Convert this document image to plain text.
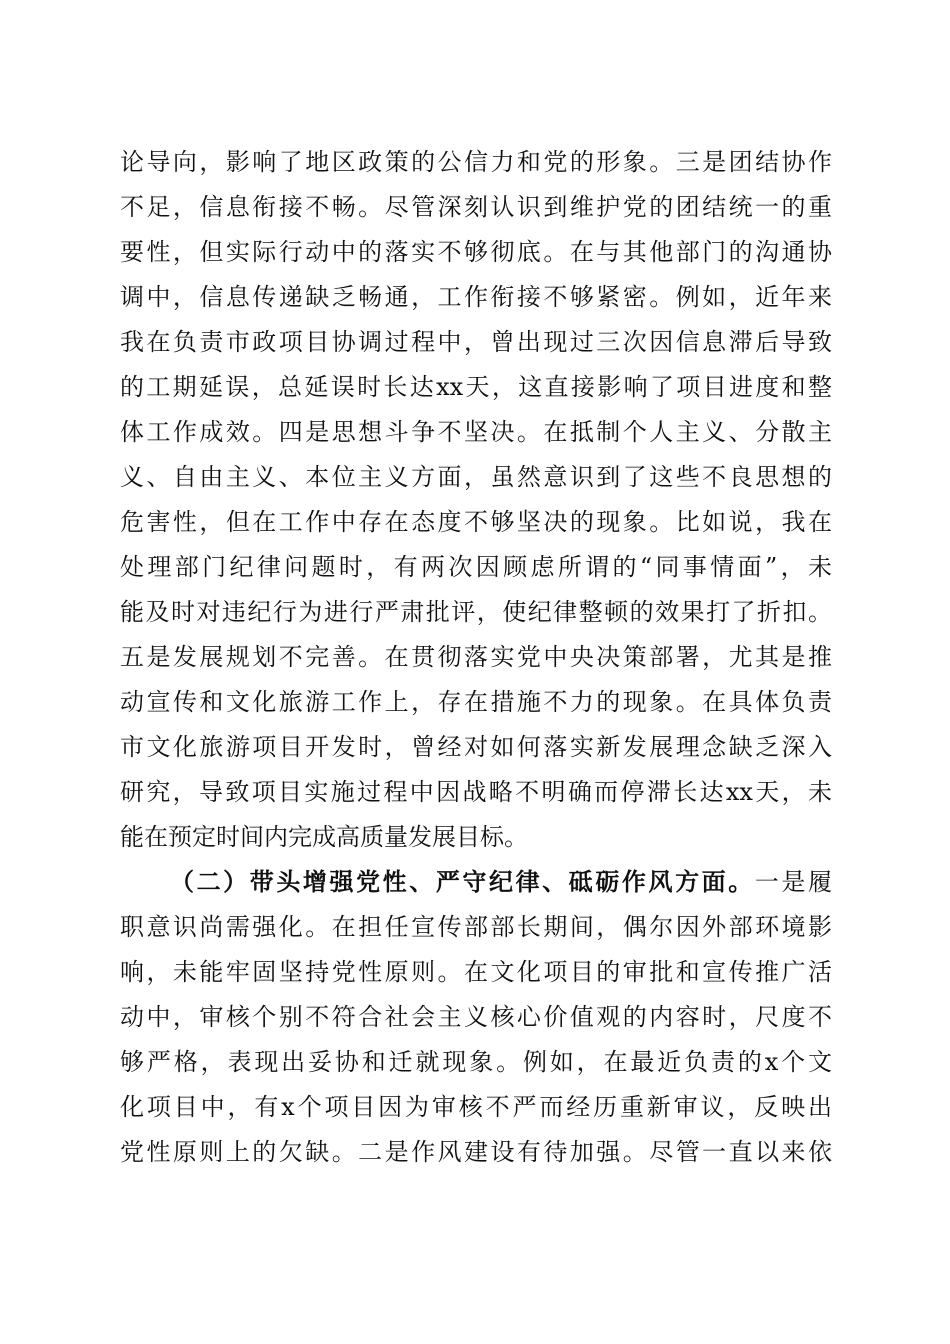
论导向，影响了地区政策的公信力和党的形象。三是团结协作
不足，信息衔接不畅。尽管深刻认识到维护党的团结统一的重
要性，但实际行动中的落实不够彻底。在与其他部门的沟通协
调中，信息传递缺乏畅通，工作衔接不够紧密。例如，近年来
我在负责市政项目协调过程中，曾出现过三次因信息滞后导致
的工期延误，总延误时长达xx天，这直接影响了项目进度和整
体工作成效。四是思想斗争不坚决。在抵制个人主义、分散主
义、自由主义、本位主义方面，虽然意识到了这些不良思想的
危害性，但在工作中存在态度不够坚决的现象。比如说，我在
处理部门纪律问题时，有两次因顾虑所谓的“同事情面”，未
能及时对违纪行为进行严肃批评，使纪律整顿的效果打了折扣。
五是发展规划不完善。在贯彻落实党中央决策部署，尤其是推
动宣传和文化旅游工作上，存在措施不力的现象。在具体负责
市文化旅游项目开发时，曾经对如何落实新发展理念缺乏深入
研究，导致项目实施过程中因战略不明确而停滞长达xx天，未
能在预定时间内完成高质量发展目标。
（二）带头增强党性、严守纪律、砥砺作风方面。一是履
职意识尚需强化。在担任宣传部部长期间，偶尔因外部环境影
响，未能牢固坚持党性原则。在文化项目的审批和宣传推广活
动中，审核个别不符合社会主义核心价值观的内容时，尺度不
够严格，表现出妥协和迁就现象。例如，在最近负责的x个文
化项目中，有x个项目因为审核不严而经历重新审议，反映出
党性原则上的欠缺。二是作风建设有待加强。尽管一直以来依
